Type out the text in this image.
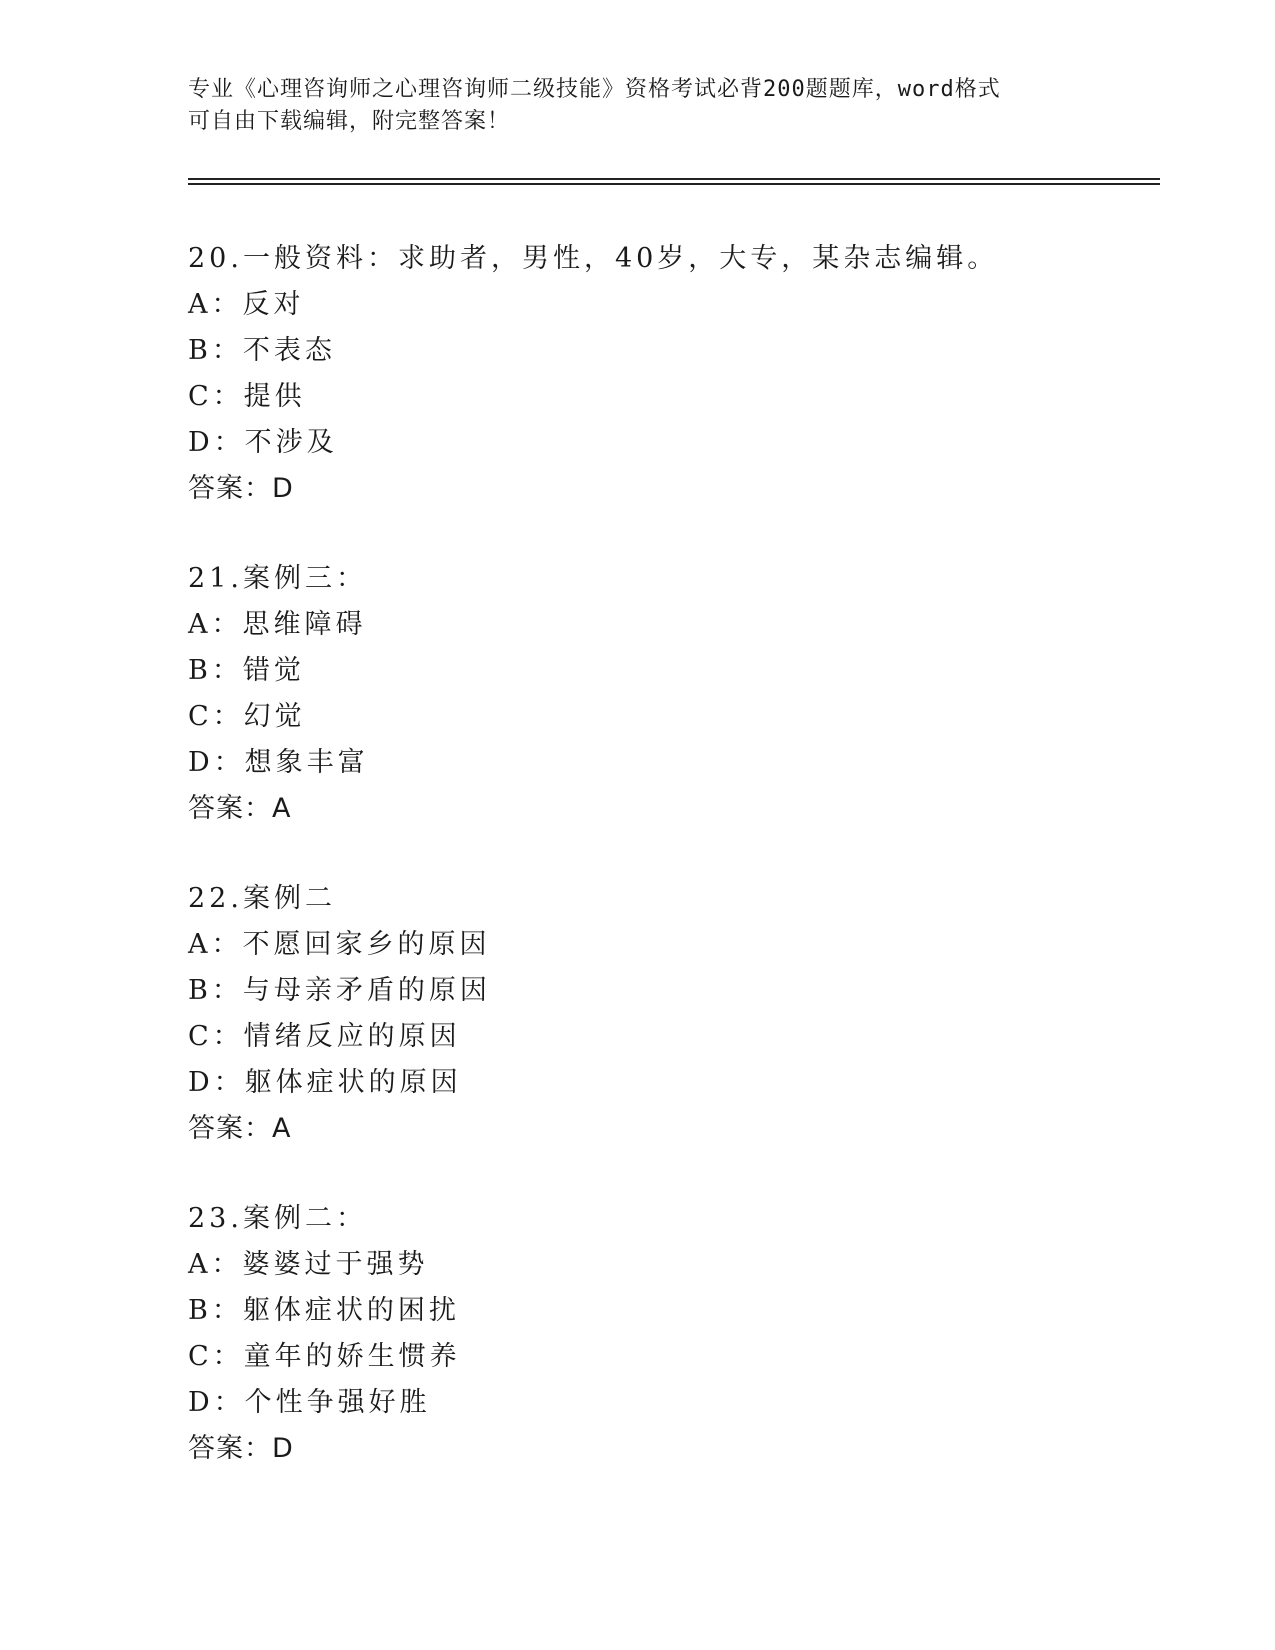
专业《心理咨询师之心理咨询师二级技能》资格考试必背200题题库，word格式
可自由下载编辑，附完整答案！
20.一般资料：求助者，男性，40岁，大专，某杂志编辑。
A：反对
B：不表态
C：提供
D：不涉及
答案：D
21.案例三：
A：思维障碍
B：错觉
C：幻觉
D：想象丰富
答案：A
22.案例二
A：不愿回家乡的原因
B：与母亲矛盾的原因
C：情绪反应的原因
D：躯体症状的原因
答案：A
23.案例二：
A：婆婆过于强势
B：躯体症状的困扰
C：童年的娇生惯养
D：个性争强好胜
答案：D
